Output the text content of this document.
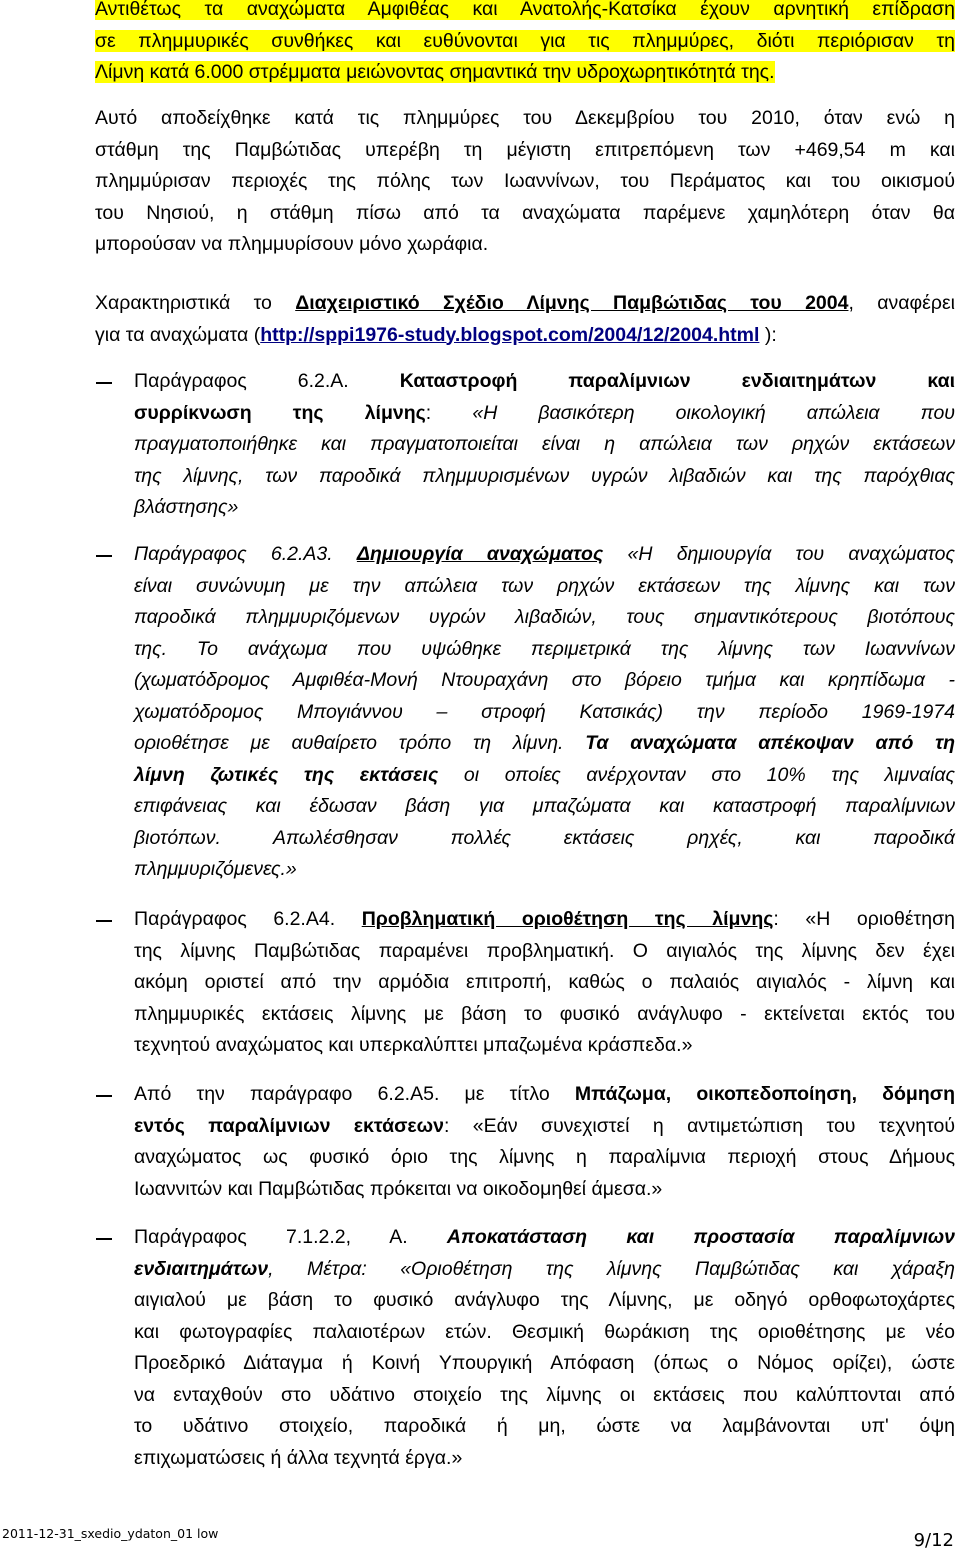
Αντιθέτως τα αναχώματα Αμφιθέας και Ανατολής-Κατσίκα έχουν αρνητική επίδραση
σε πλημμυρικές συνθήκες και ευθύνονται για τις πλημμύρες, διότι περιόρισαν τη
Λίμνη κατά 6.000 στρέμματα μειώνοντας σημαντικά την υδροχωρητικότητά της.
Αυτό αποδείχθηκε κατά τις πλημμύρες του Δεκεμβρίου του 2010, όταν ενώ η
στάθμη της Παμβώτιδας υπερέβη τη μέγιστη επιτρεπόμενη των +469,54 m και
πλημμύρισαν περιοχές της πόλης των Ιωαννίνων, του Περάματος και του οικισμού
του Νησιού, η στάθμη πίσω από τα αναχώματα παρέμενε χαμηλότερη όταν θα
μπορούσαν να πλημμυρίσουν μόνο χωράφια.
Χαρακτηριστικά το Διαχειριστικό Σχέδιο Λίμνης Παμβώτιδας του 2004, αναφέρει
για τα αναχώματα (http://sppi1976-study.blogspot.com/2004/12/2004.html ):
Παράγραφος 6.2.Α. Καταστροφή παραλίμνιων ενδιαιτημάτων και
συρρίκνωση της λίμνης: «Η βασικότερη οικολογική απώλεια που
πραγματοποιήθηκε και πραγματοποιείται είναι η απώλεια των ρηχών εκτάσεων
της λίμνης, των παροδικά πλημμυρισμένων υγρών λιβαδιών και της παρόχθιας
βλάστησης»
Παράγραφος 6.2.Α3. Δημιουργία αναχώματος «Η δημιουργία του αναχώματος
είναι συνώνυμη με την απώλεια των ρηχών εκτάσεων της λίμνης και των
παροδικά πλημμυριζόμενων υγρών λιβαδιών, τους σημαντικότερους βιοτόπους
της. Το ανάχωμα που υψώθηκε περιμετρικά της λίμνης των Ιωαννίνων
(χωματόδρομος Αμφιθέα-Μονή Ντουραχάνη στο βόρειο τμήμα και κρηπίδωμα -
χωματόδρομος Μπογιάννου – στροφή Κατσικάς) την περίοδο 1969-1974
οριοθέτησε με αυθαίρετο τρόπο τη λίμνη. Τα αναχώματα απέκοψαν από τη
λίμνη ζωτικές της εκτάσεις οι οποίες ανέρχονταν στο 10% της λιμναίας
επιφάνειας και έδωσαν βάση για μπαζώματα και καταστροφή παραλίμνιων
βιοτόπων. Απωλέσθησαν πολλές εκτάσεις ρηχές, και παροδικά
πλημμυριζόμενες.»
Παράγραφος 6.2.Α4. Προβληματική οριοθέτηση της λίμνης: «Η οριοθέτηση
της λίμνης Παμβώτιδας παραμένει προβληματική. Ο αιγιαλός της λίμνης δεν έχει
ακόμη οριστεί από την αρμόδια επιτροπή, καθώς ο παλαιός αιγιαλός - λίμνη και
πλημμυρικές εκτάσεις λίμνης με βάση το φυσικό ανάγλυφο - εκτείνεται εκτός του
τεχνητού αναχώματος και υπερκαλύπτει μπαζωμένα κράσπεδα.»
Από την παράγραφο 6.2.Α5. με τίτλο Μπάζωμα, οικοπεδοποίηση, δόμηση
εντός παραλίμνιων εκτάσεων: «Εάν συνεχιστεί η αντιμετώπιση του τεχνητού
αναχώματος ως φυσικό όριο της λίμνης η παραλίμνια περιοχή στους Δήμους
Ιωαννιτών και Παμβώτιδας πρόκειται να οικοδομηθεί άμεσα.»
Παράγραφος 7.1.2.2, Α. Αποκατάσταση και προστασία παραλίμνιων
ενδιαιτημάτων, Μέτρα: «Οριοθέτηση της λίμνης Παμβώτιδας και χάραξη
αιγιαλού με βάση το φυσικό ανάγλυφο της Λίμνης, με οδηγό ορθοφωτοχάρτες
και φωτογραφίες παλαιοτέρων ετών. Θεσμική θωράκιση της οριοθέτησης με νέο
Προεδρικό Διάταγμα ή Κοινή Υπουργική Απόφαση (όπως ο Νόμος ορίζει), ώστε
να ενταχθούν στο υδάτινο στοιχείο της λίμνης οι εκτάσεις που καλύπτονται από
το υδάτινο στοιχείο, παροδικά ή μη, ώστε να λαμβάνονται υπ' όψη
επιχωματώσεις ή άλλα τεχνητά έργα.»
2011-12-31_sxedio_ydaton_01 low	9/12
